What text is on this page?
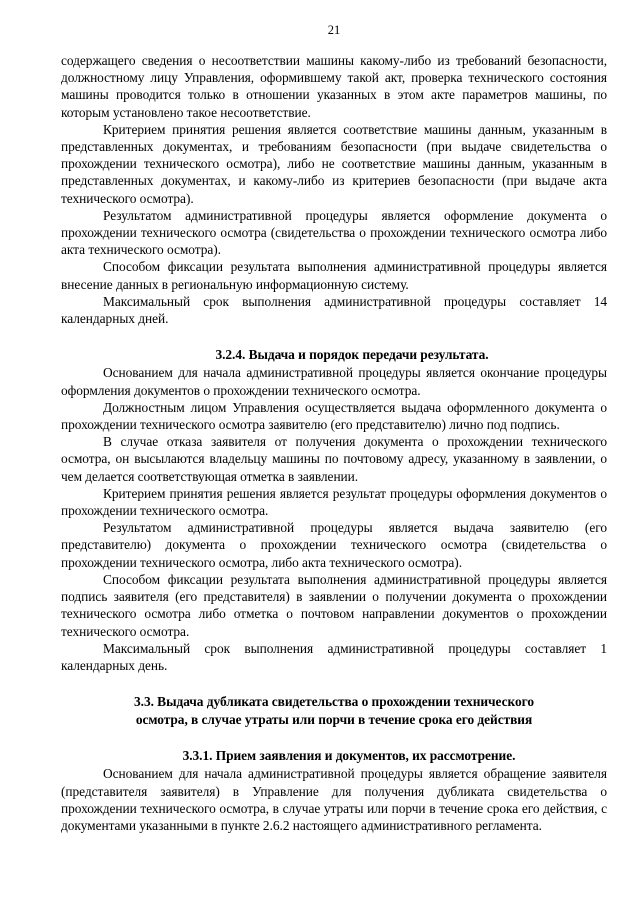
21

содержащего сведения о несоответствии машины какому-либо из требований безопасности, должностному лицу Управления, оформившему такой акт, проверка технического состояния машины проводится только в отношении указанных в этом акте параметров машины, по которым установлено такое несоответствие.

Критерием принятия решения является соответствие машины данным, указанным в представленных документах, и требованиям безопасности (при выдаче свидетельства о прохождении технического осмотра), либо не соответствие машины данным, указанным в представленных документах, и какому-либо из критериев безопасности (при выдаче акта технического осмотра).

Результатом административной процедуры является оформление документа о прохождении технического осмотра (свидетельства о прохождении технического осмотра либо акта технического осмотра).

Способом фиксации результата выполнения административной процедуры является внесение данных в региональную информационную систему.

Максимальный срок выполнения административной процедуры составляет 14 календарных дней.

3.2.4. Выдача и порядок передачи результата.

Основанием для начала административной процедуры является окончание процедуры оформления документов о прохождении технического осмотра.

Должностным лицом Управления осуществляется выдача оформленного документа о прохождении технического осмотра заявителю (его представителю) лично под подпись.

В случае отказа заявителя от получения документа о прохождении технического осмотра, он высылаются владельцу машины по почтовому адресу, указанному в заявлении, о чем делается соответствующая отметка в заявлении.

Критерием принятия решения является результат процедуры оформления документов о прохождении технического осмотра.

Результатом административной процедуры является выдача заявителю (его представителю) документа о прохождении технического осмотра (свидетельства о прохождении технического осмотра, либо акта технического осмотра).

Способом фиксации результата выполнения административной процедуры является подпись заявителя (его представителя) в заявлении о получении документа о прохождении технического осмотра либо отметка о почтовом направлении документов о прохождении технического осмотра.

Максимальный срок выполнения административной процедуры составляет 1 календарных день.

3.3. Выдача дубликата свидетельства о прохождении технического
осмотра, в случае утраты или порчи в течение срока его действия

3.3.1. Прием заявления и документов, их рассмотрение.

Основанием для начала административной процедуры является обращение заявителя (представителя заявителя) в Управление для получения дубликата свидетельства о прохождении технического осмотра, в случае утраты или порчи в течение срока его действия, с документами указанными в пункте 2.6.2 настоящего административного регламента.
